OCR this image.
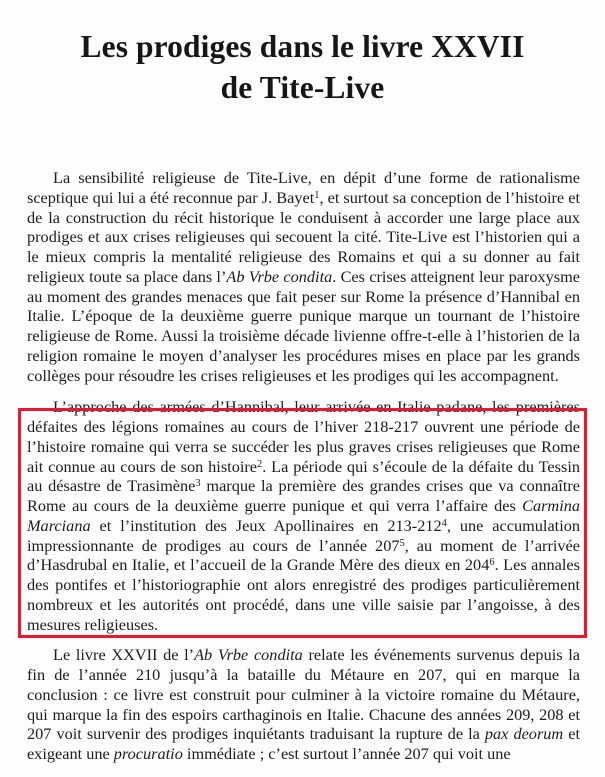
Les prodiges dans le livre XXVII
de Tite-Live

La sensibilité religieuse de Tite-Live, en dépit d’une forme de rationalisme sceptique qui lui a été reconnue par J. Bayet$^1$, et surtout sa conception de l’histoire et de la construction du récit historique le conduisent à accorder une large place aux prodiges et aux crises religieuses qui secouent la cité. Tite-Live est l’historien qui a le mieux compris la mentalité religieuse des Romains et qui a su donner au fait religieux toute sa place dans l’Ab Vrbe condita. Ces crises atteignent leur paroxysme au moment des grandes menaces que fait peser sur Rome la présence d’Hannibal en Italie. L’époque de la deuxième guerre punique marque un tournant de l’histoire religieuse de Rome. Aussi la troisième décade livienne offre-t-elle à l’historien de la religion romaine le moyen d’analyser les procédures mises en place par les grands collèges pour résoudre les crises religieuses et les prodiges qui les accompagnent.

L’approche des armées d’Hannibal, leur arrivée en Italie padane, les premières défaites des légions romaines au cours de l’hiver 218-217 ouvrent une période de l’histoire romaine qui verra se succéder les plus graves crises religieuses que Rome ait connue au cours de son histoire$^2$. La période qui s’écoule de la défaite du Tessin au désastre de Trasimène$^3$ marque la première des grandes crises que va connaître Rome au cours de la deuxième guerre punique et qui verra l’affaire des Carmina Marciana et l’institution des Jeux Apollinaires en $213-212^4$, une accumulation impressionnante de prodiges au cours de l’année $207^5$, au moment de l’arrivée d’Hasdrubal en Italie, et l’accueil de la Grande Mère des dieux en $204^6$. Les annales des pontifes et l’historiographie ont alors enregistré des prodiges particulièrement nombreux et les autorités ont procédé, dans une ville saisie par l’angoisse, à des mesures religieuses.

Le livre XXVII de l’Ab Vrbe condita relate les événements survenus depuis la fin de l’année 210 jusqu’à la bataille du Métaure en 207, qui en marque la conclusion : ce livre est construit pour culminer à la victoire romaine du Métaure, qui marque la fin des espoirs carthaginois en Italie. Chacune des années 209, 208 et 207 voit survenir des prodiges inquiétants traduisant la rupture de la pax deorum et exigeant une procuratio immédiate ; c’est surtout l’année 207 qui voit une
